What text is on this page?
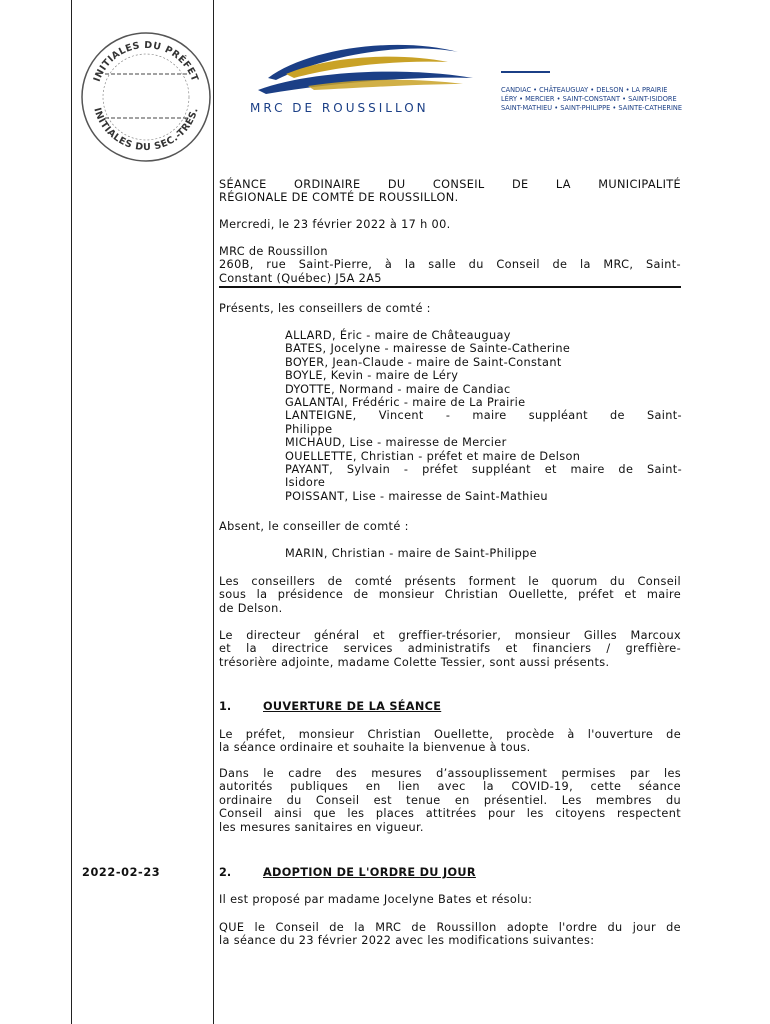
INITIALES DU PRÉFET
INITIALES DU SEC.-TRÉS.	MRC DE ROUSSILLON
CANDIAC • CHÂTEAUGUAY • DELSON • LA PRAIRIE
LÉRY • MERCIER • SAINT-CONSTANT • SAINT-ISIDORE
SAINT-MATHIEU • SAINT-PHILIPPE • SAINTE-CATHERINE
SÉANCE ORDINAIRE DU CONSEIL DE LA MUNICIPALITÉ
RÉGIONALE DE COMTÉ DE ROUSSILLON.
Mercredi, le 23 février 2022 à 17 h 00.
MRC de Roussillon
260B, rue Saint-Pierre, à la salle du Conseil de la MRC, Saint-
Constant (Québec) J5A 2A5
Présents, les conseillers de comté :
ALLARD, Éric - maire de Châteauguay
BATES, Jocelyne - mairesse de Sainte-Catherine
BOYER, Jean-Claude - maire de Saint-Constant
BOYLE, Kevin - maire de Léry
DYOTTE, Normand - maire de Candiac
GALANTAI, Frédéric - maire de La Prairie
LANTEIGNE, Vincent - maire suppléant de Saint-
Philippe
MICHAUD, Lise - mairesse de Mercier
OUELLETTE, Christian - préfet et maire de Delson
PAYANT, Sylvain - préfet suppléant et maire de Saint-
Isidore
POISSANT, Lise - mairesse de Saint-Mathieu
Absent, le conseiller de comté :
MARIN, Christian - maire de Saint-Philippe
Les conseillers de comté présents forment le quorum du Conseil
sous la présidence de monsieur Christian Ouellette, préfet et maire
de Delson.
Le directeur général et greffier-trésorier, monsieur Gilles Marcoux
et la directrice services administratifs et financiers / greffière-
trésorière adjointe, madame Colette Tessier, sont aussi présents.
1.	OUVERTURE DE LA SÉANCE
Le préfet, monsieur Christian Ouellette, procède à l'ouverture de
la séance ordinaire et souhaite la bienvenue à tous.
Dans le cadre des mesures d’assouplissement permises par les
autorités publiques en lien avec la COVID-19, cette séance
ordinaire du Conseil est tenue en présentiel. Les membres du
Conseil ainsi que les places attitrées pour les citoyens respectent
les mesures sanitaires en vigueur.
2022-02-23	2.	ADOPTION DE L'ORDRE DU JOUR
Il est proposé par madame Jocelyne Bates et résolu:
QUE le Conseil de la MRC de Roussillon adopte l'ordre du jour de
la séance du 23 février 2022 avec les modifications suivantes:
